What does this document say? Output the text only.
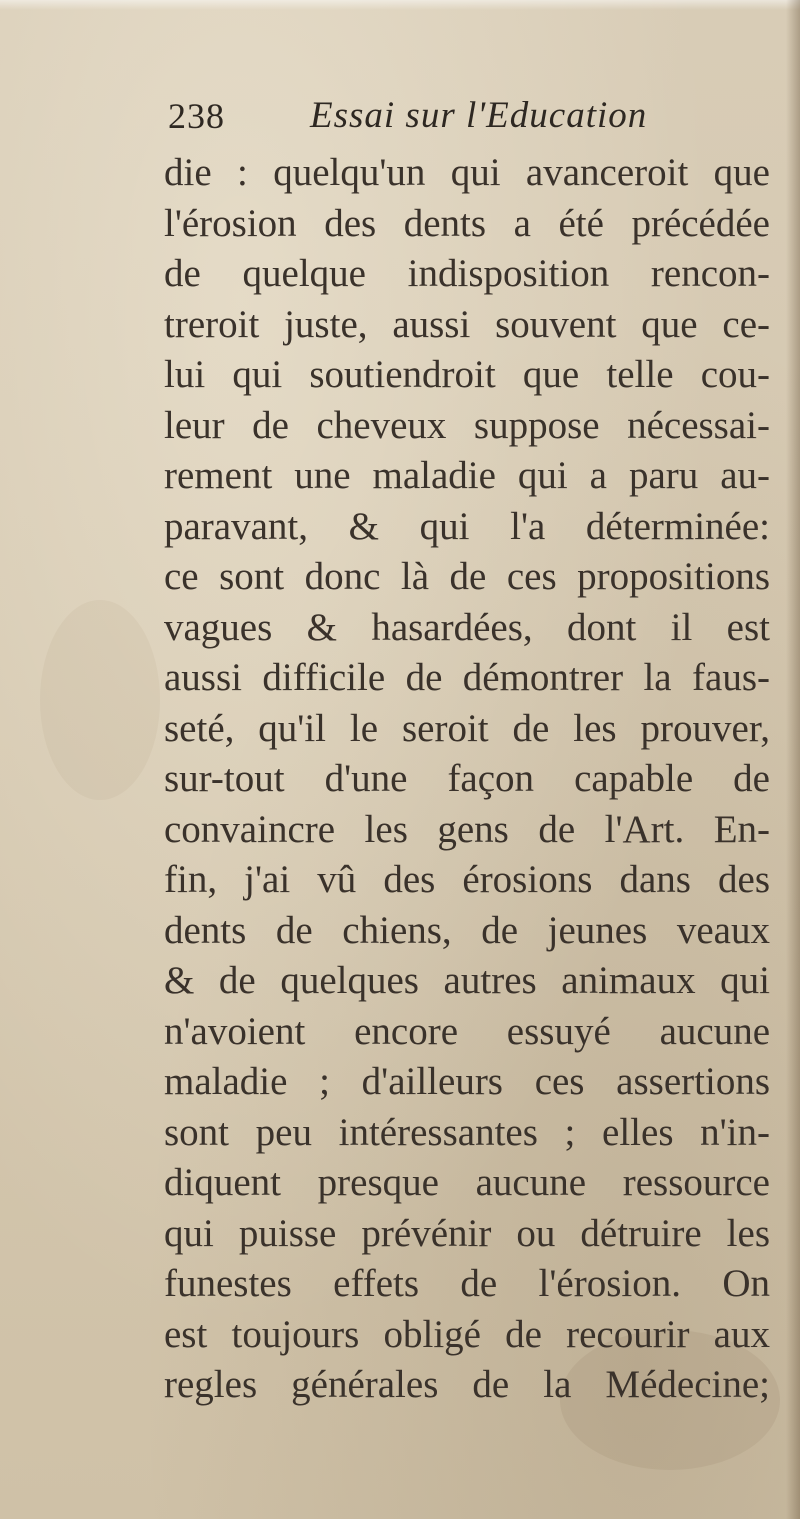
238 Essai sur l'Education
die : quelqu'un qui avanceroit que
l'érosion des dents a été précédée
de quelque indisposition rencon-
treroit juste, aussi souvent que ce-
lui qui soutiendroit que telle cou-
leur de cheveux suppose nécessai-
rement une maladie qui a paru au-
paravant, & qui l'a déterminée:
ce sont donc là de ces propositions
vagues & hasardées, dont il est
aussi difficile de démontrer la faus-
seté, qu'il le seroit de les prouver,
sur-tout d'une façon capable de
convaincre les gens de l'Art. En-
fin, j'ai vû des érosions dans des
dents de chiens, de jeunes veaux
& de quelques autres animaux qui
n'avoient encore essuyé aucune
maladie ; d'ailleurs ces assertions
sont peu intéressantes ; elles n'in-
diquent presque aucune ressource
qui puisse prévénir ou détruire les
funestes effets de l'érosion. On
est toujours obligé de recourir aux
regles générales de la Médecine;
